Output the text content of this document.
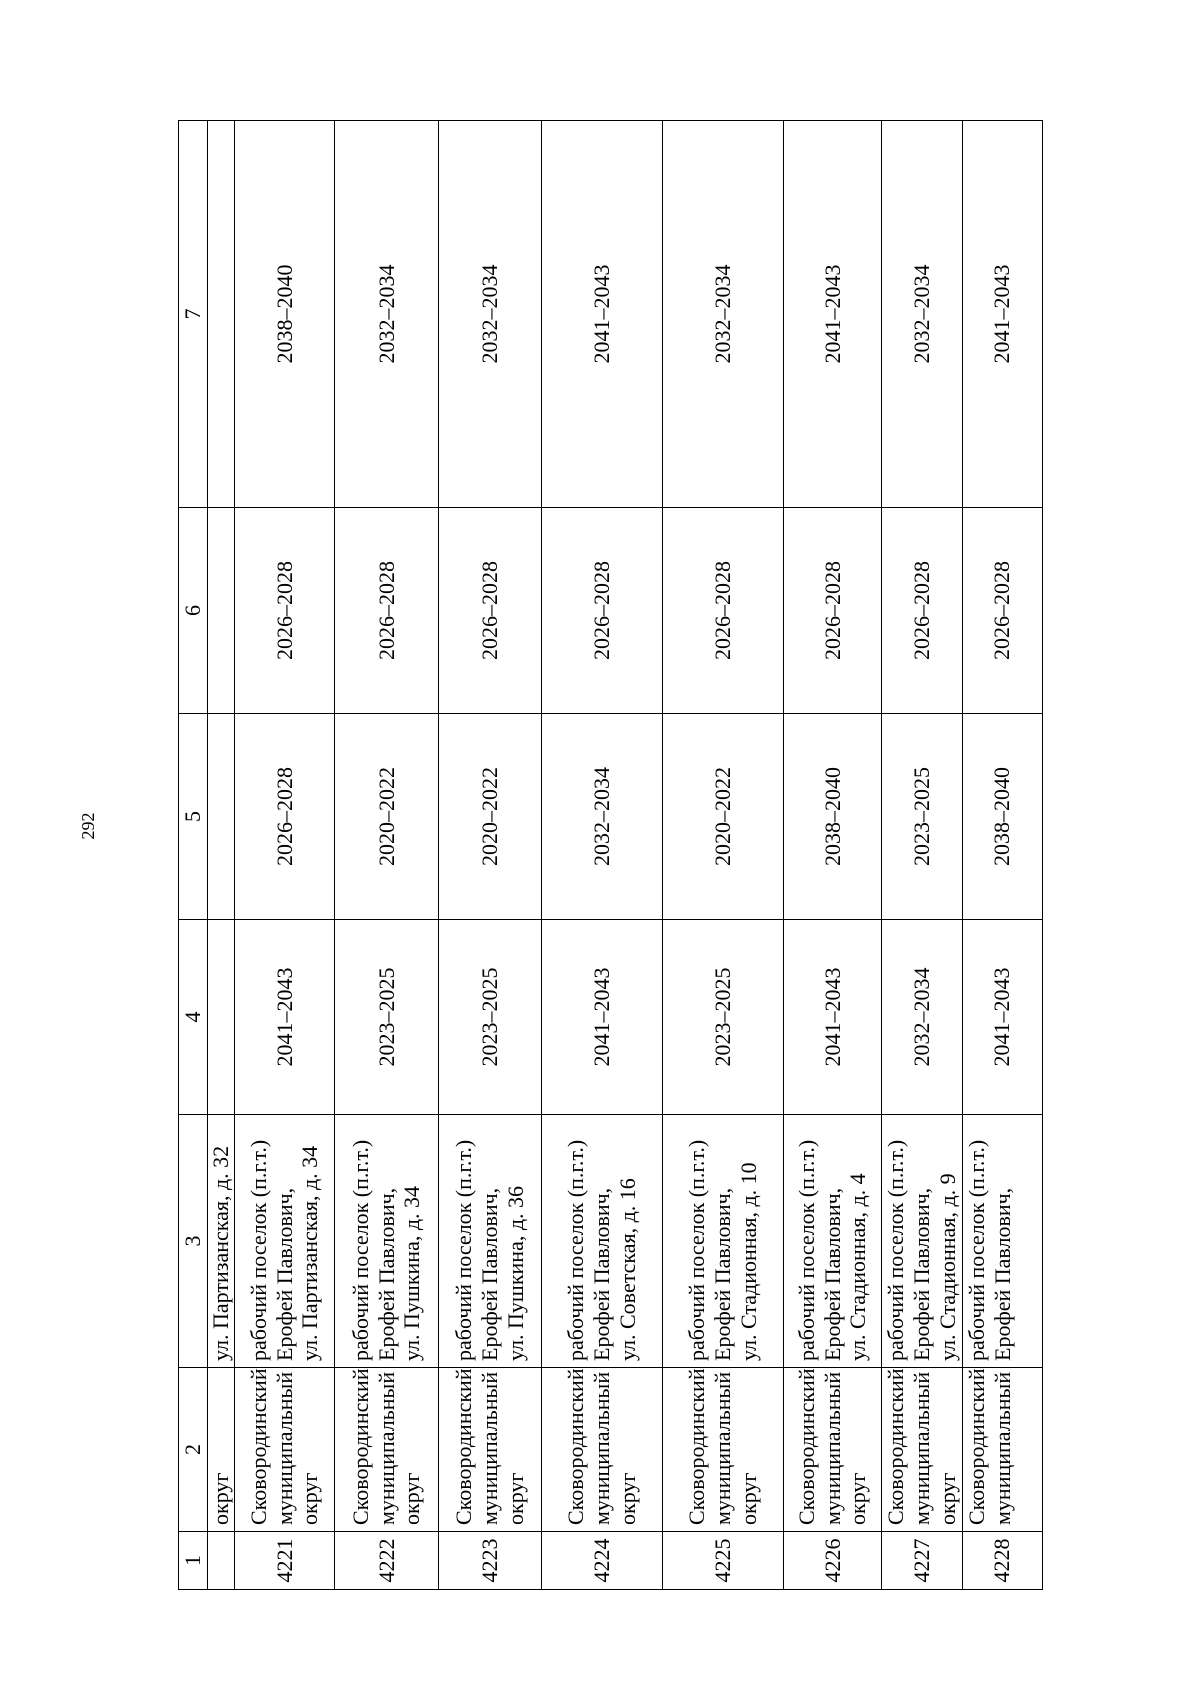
292
1	2	3	4	5	6	7
	округ	ул. Партизанская, д. 32				
4221	Сковородинский муниципальный округ	рабочий поселок (п.г.т.) Ерофей Павлович, ул. Партизанская, д. 34	2041–2043	2026–2028	2026–2028	2038–2040
4222	Сковородинский муниципальный округ	рабочий поселок (п.г.т.) Ерофей Павлович, ул. Пушкина, д. 34	2023–2025	2020–2022	2026–2028	2032–2034
4223	Сковородинский муниципальный округ	рабочий поселок (п.г.т.) Ерофей Павлович, ул. Пушкина, д. 36	2023–2025	2020–2022	2026–2028	2032–2034
4224	Сковородинский муниципальный округ	рабочий поселок (п.г.т.) Ерофей Павлович, ул. Советская, д. 16	2041–2043	2032–2034	2026–2028	2041–2043
4225	Сковородинский муниципальный округ	рабочий поселок (п.г.т.) Ерофей Павлович, ул. Стадионная, д. 10	2023–2025	2020–2022	2026–2028	2032–2034
4226	Сковородинский муниципальный округ	рабочий поселок (п.г.т.) Ерофей Павлович, ул. Стадионная, д. 4	2041–2043	2038–2040	2026–2028	2041–2043
4227	Сковородинский муниципальный округ	рабочий поселок (п.г.т.) Ерофей Павлович, ул. Стадионная, д. 9	2032–2034	2023–2025	2026–2028	2032–2034
4228	Сковородинский муниципальный	рабочий поселок (п.г.т.) Ерофей Павлович,	2041–2043	2038–2040	2026–2028	2041–2043
